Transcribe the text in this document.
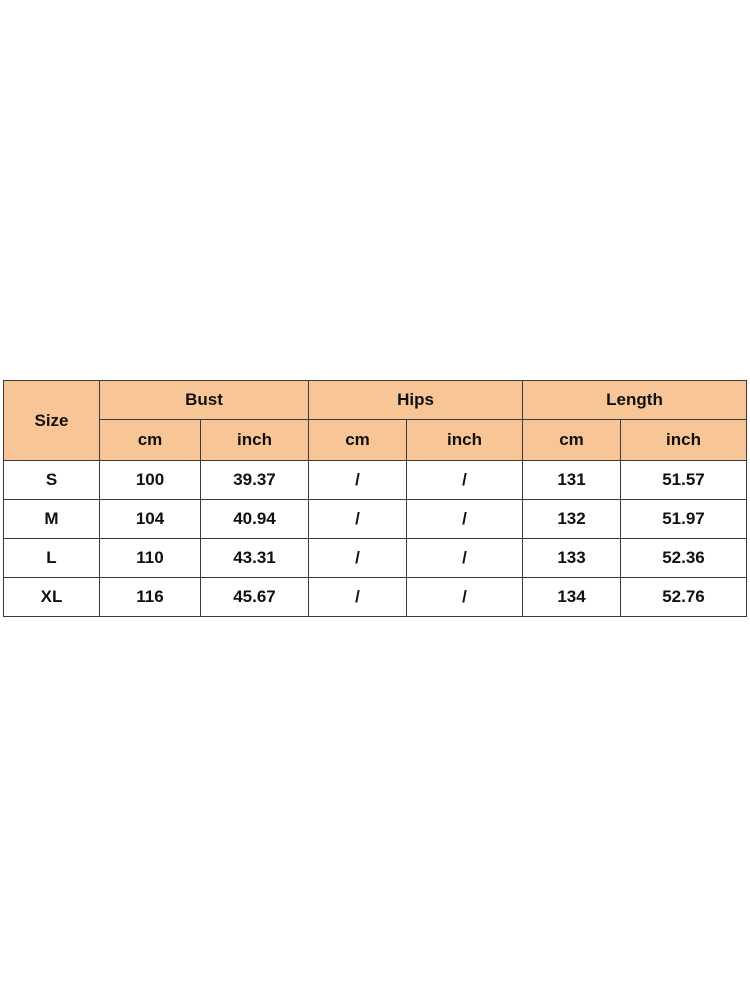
Size	Bust		Hips		Length	
	cm	inch	cm	inch	cm	inch
S	100	39.37	/	/	131	51.57
M	104	40.94	/	/	132	51.97
L	110	43.31	/	/	133	52.36
XL	116	45.67	/	/	134	52.76
